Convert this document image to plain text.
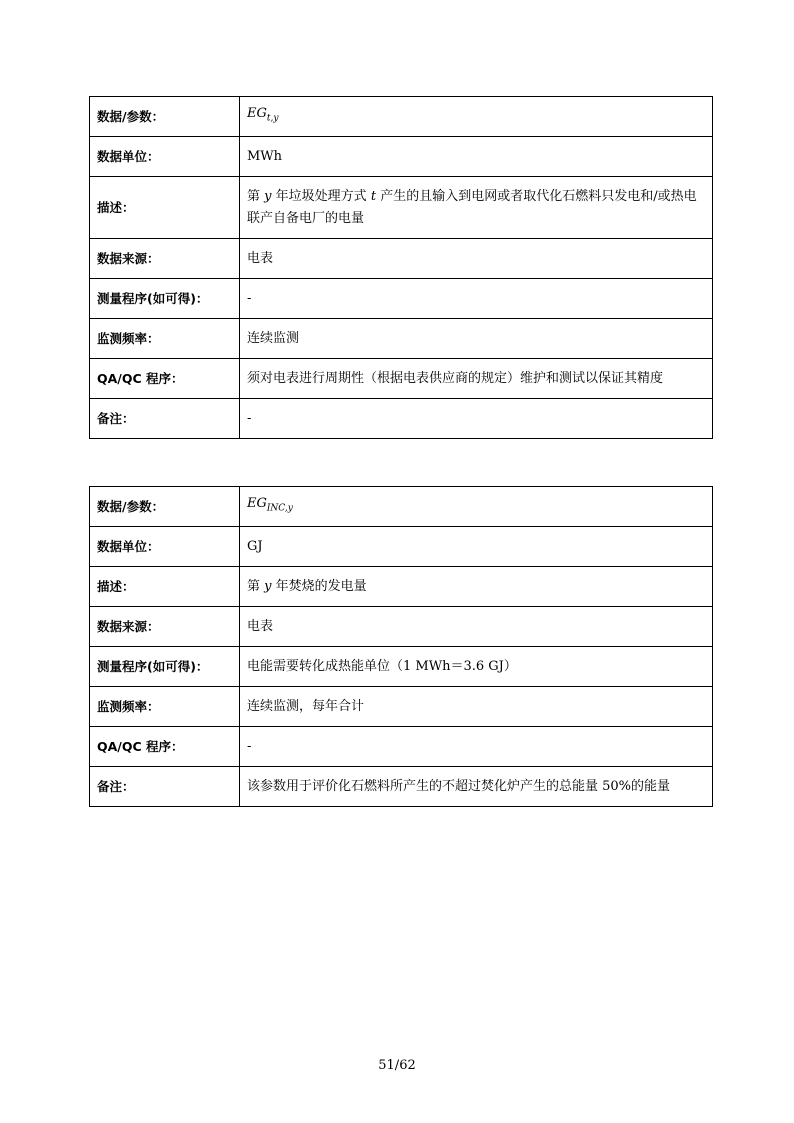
数据/参数：	$EG_{t,y}$
数据单位：	MWh
描述：	第 y 年垃圾处理方式 t 产生的且输入到电网或者取代化石燃料只发电和/或热电联产自备电厂的电量
数据来源：	电表
测量程序(如可得)：	-
监测频率：	连续监测
QA/QC 程序：	须对电表进行周期性（根据电表供应商的规定）维护和测试以保证其精度
备注：	-
数据/参数：	$EG_{INC,y}$
数据单位：	GJ
描述：	第 y 年焚烧的发电量
数据来源：	电表
测量程序(如可得)：	电能需要转化成热能单位（1 MWh＝3.6 GJ）
监测频率：	连续监测，每年合计
QA/QC 程序：	-
备注：	该参数用于评价化石燃料所产生的不超过焚化炉产生的总能量 50%的能量
51/62
